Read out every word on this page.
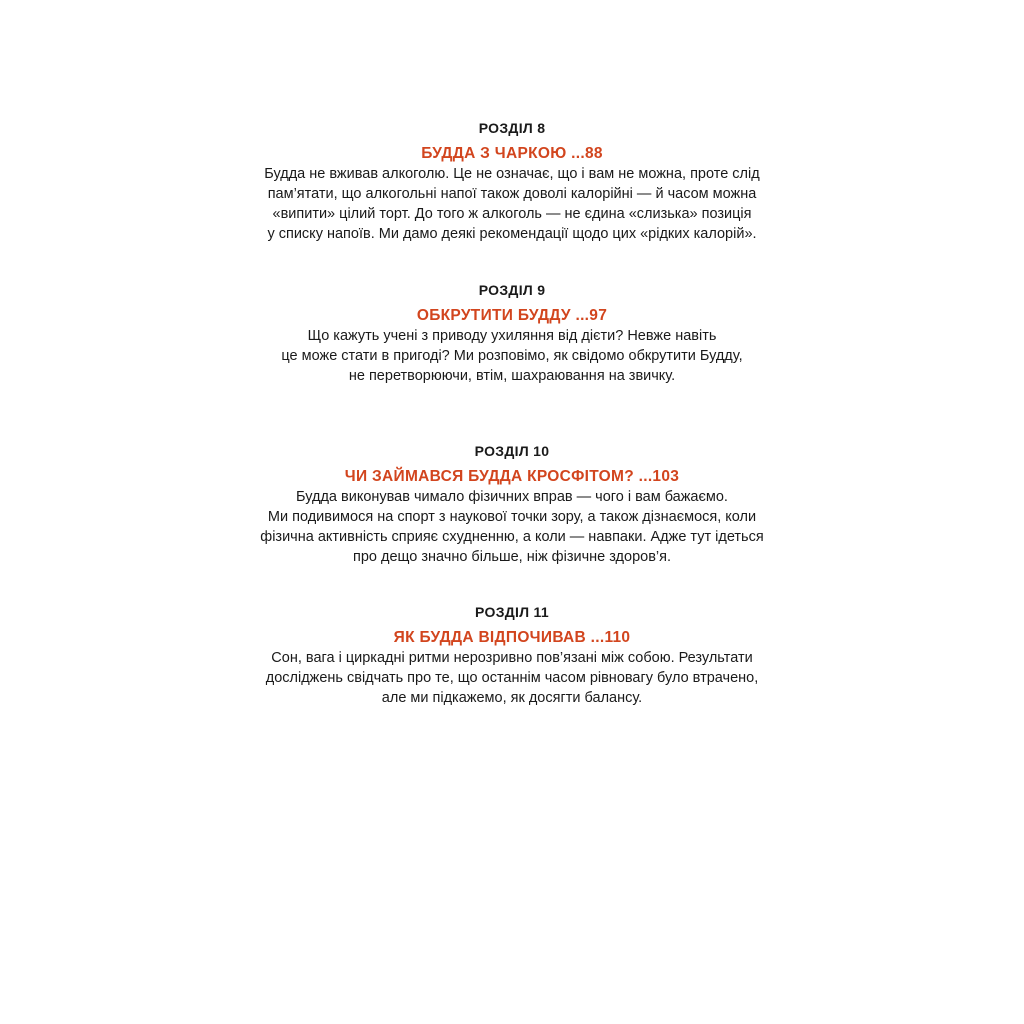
РОЗДІЛ 8
БУДДА З ЧАРКОЮ ...88
Будда не вживав алкоголю. Це не означає, що і вам не можна, проте слід
пам’ятати, що алкогольні напої також доволі калорійні — й часом можна
«випити» цілий торт. До того ж алкоголь — не єдина «слизька» позиція
у списку напоїв. Ми дамо деякі рекомендації щодо цих «рідких калорій».
РОЗДІЛ 9
ОБКРУТИТИ БУДДУ ...97
Що кажуть учені з приводу ухиляння від дієти? Невже навіть
це може стати в пригоді? Ми розповімо, як свідомо обкрутити Будду,
не перетворюючи, втім, шахраювання на звичку.
РОЗДІЛ 10
ЧИ ЗАЙМАВСЯ БУДДА КРОСФІТОМ? ...103
Будда виконував чимало фізичних вправ — чого і вам бажаємо.
Ми подивимося на спорт з наукової точки зору, а також дізнаємося, коли
фізична активність сприяє схудненню, а коли — навпаки. Адже тут ідеться
про дещо значно більше, ніж фізичне здоров’я.
РОЗДІЛ 11
ЯК БУДДА ВІДПОЧИВАВ ...110
Сон, вага і циркадні ритми нерозривно пов’язані між собою. Результати
досліджень свідчать про те, що останнім часом рівновагу було втрачено,
але ми підкажемо, як досягти балансу.
